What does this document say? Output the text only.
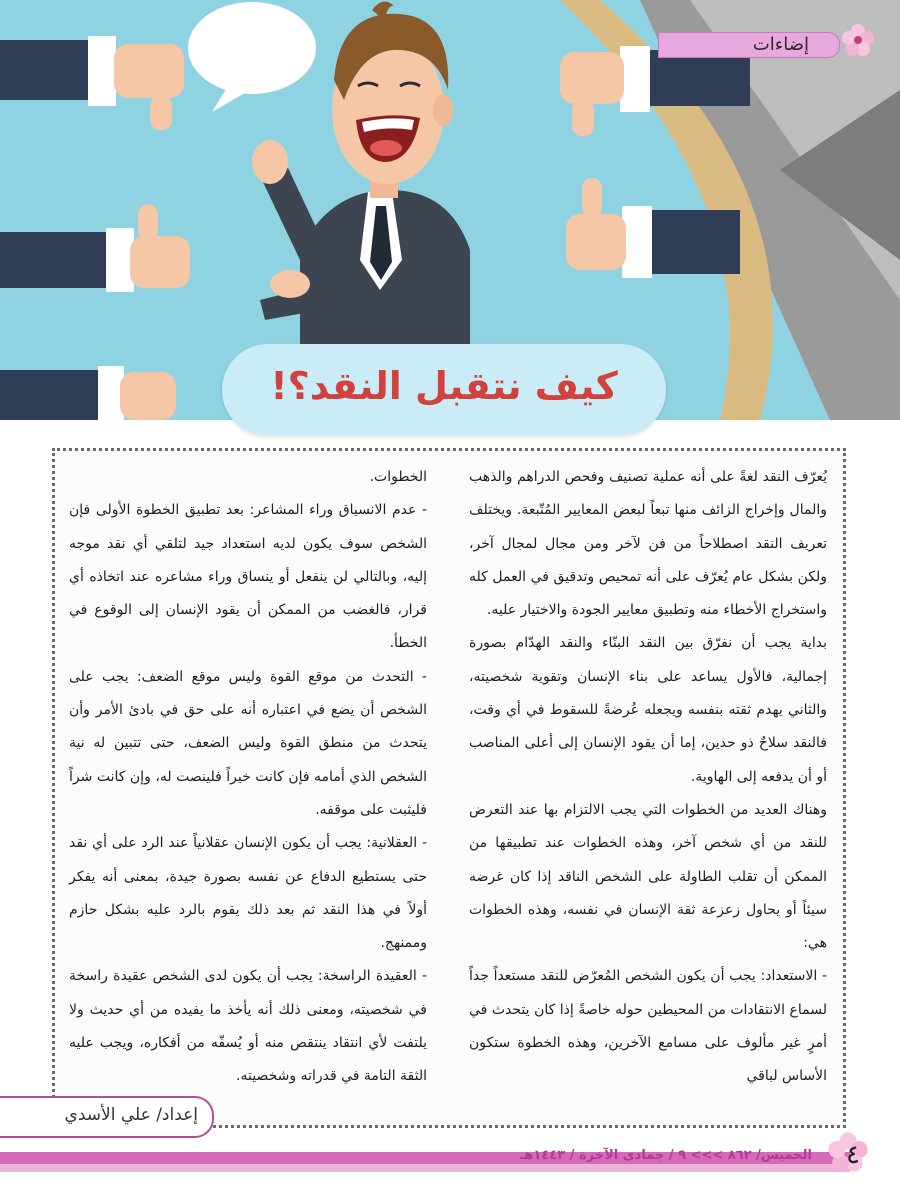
إضاءات
كيف نتقبل النقد؟!

يُعرّف النقد لغةً على أنه عملية تصنيف وفحص الدراهم والذهب والمال وإخراج الزائف منها تبعاً لبعض المعايير المُتّبعة. ويختلف تعريف النقد اصطلاحاً من فن لآخر ومن مجال لمجال آخر، ولكن بشكل عام يُعرّف على أنه تمحيص وتدقيق في العمل كله واستخراج الأخطاء منه وتطبيق معايير الجودة والاختيار عليه.

بداية يجب أن نفرّق بين النقد البنّاء والنقد الهدّام بصورة إجمالية، فالأول يساعد على بناء الإنسان وتقوية شخصيته، والثاني يهدم ثقته بنفسه ويجعله عُرضةً للسقوط في أي وقت، فالنقد سلاحٌ ذو حدين، إما أن يقود الإنسان إلى أعلى المناصب أو أن يدفعه إلى الهاوية.

وهناك العديد من الخطوات التي يجب الالتزام بها عند التعرض للنقد من أي شخص آخر، وهذه الخطوات عند تطبيقها من الممكن أن تقلب الطاولة على الشخص الناقد إذا كان غرضه سيئاً أو يحاول زعزعة ثقة الإنسان في نفسه، وهذه الخطوات هي:

- الاستعداد: يجب أن يكون الشخص المُعرّض للنقد مستعداً جداً لسماع الانتقادات من المحيطين حوله خاصةً إذا كان يتحدث في أمرٍ غير مألوف على مسامع الآخرين، وهذه الخطوة ستكون الأساس لباقي

الخطوات.

- عدم الانسياق وراء المشاعر: بعد تطبيق الخطوة الأولى فإن الشخص سوف يكون لديه استعداد جيد لتلقي أي نقد موجه إليه، وبالتالي لن ينفعل أو ينساق وراء مشاعره عند اتخاذه أي قرار، فالغضب من الممكن أن يقود الإنسان إلى الوقوع في الخطأ.

- التحدث من موقع القوة وليس موقع الضعف: يجب على الشخص أن يضع في اعتباره أنه على حق في بادئ الأمر وأن يتحدث من منطق القوة وليس الضعف، حتى تتبين له نية الشخص الذي أمامه فإن كانت خيراً فلينصت له، وإن كانت شراً فليثبت على موقفه.

- العقلانية: يجب أن يكون الإنسان عقلانياً عند الرد على أي نقد حتى يستطيع الدفاع عن نفسه بصورة جيدة، بمعنى أنه يفكر أولاً في هذا النقد ثم بعد ذلك يقوم بالرد عليه بشكل حازم وممنهج.

- العقيدة الراسخة: يجب أن يكون لدى الشخص عقيدة راسخة في شخصيته، ومعنى ذلك أنه يأخذ ما يفيده من أي حديث ولا يلتفت لأي انتقاد ينتقص منه أو يُسفّه من أفكاره، ويجب عليه الثقة التامة في قدراته وشخصيته.

إعداد/ علي الأسدي
الخميس/ ٨٦٢ >>> ٩ / جمادى الآخرة / ١٤٤٣هـ ٤
